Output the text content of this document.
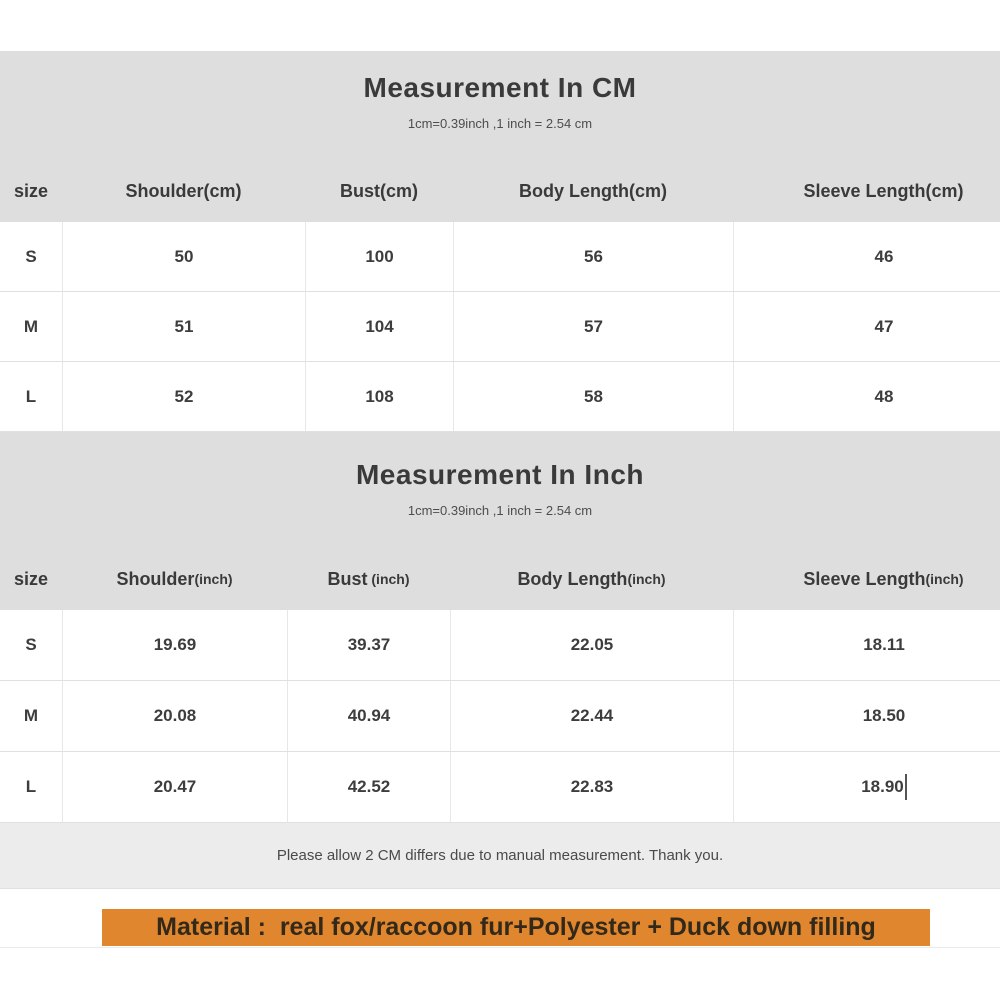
Measurement In CM
1cm=0.39inch ,1 inch = 2.54 cm
size	Shoulder (cm)	Bust (cm)	Body Length (cm)	Sleeve Length (cm)
S	50	100	56	46
M	51	104	57	47
L	52	108	58	48
Measurement In Inch
1cm=0.39inch ,1 inch = 2.54 cm
size	Shoulder (inch)	Bust (inch)	Body Length (inch)	Sleeve Length (inch)
S	19.69	39.37	22.05	18.11
M	20.08	40.94	22.44	18.50
L	20.47	42.52	22.83	18.90
Please allow 2 CM differs due to manual measurement. Thank you.
Material :  real fox/raccoon fur+Polyester + Duck down filling
